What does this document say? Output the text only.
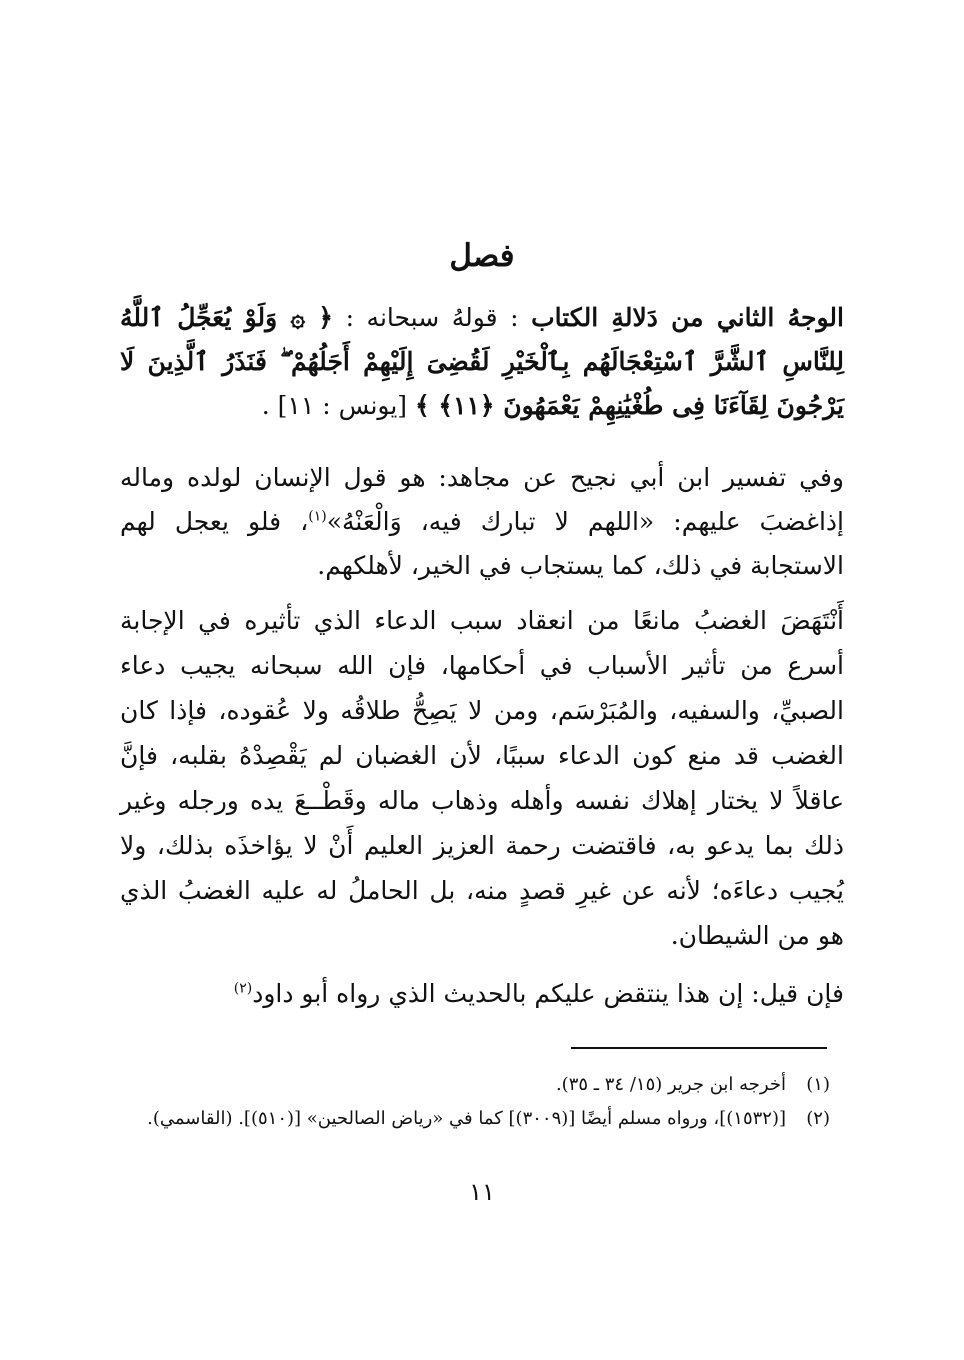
فصل
الوجهُ الثاني من دَلالةِ الكتاب : قولهُ سبحانه : ﴿ ۞ وَلَوْ يُعَجِّلُ ٱللَّهُ لِلنَّاسِ ٱلشَّرَّ ٱسْتِعْجَالَهُم بِٱلْخَيْرِ لَقُضِىَ إِلَيْهِمْ أَجَلُهُمْ ۖ فَنَذَرُ ٱلَّذِينَ لَا يَرْجُونَ لِقَآءَنَا فِى طُغْيَٰنِهِمْ يَعْمَهُونَ ﴿١١﴾ ﴾ [يونس : ١١] .
وفي تفسير ابن أبي نجيح عن مجاهد: هو قول الإنسان لولده وماله إذاغضبَ عليهم: «اللهم لا تبارك فيه، وَالْعَنْهُ»$^{(١)}$، فلو يعجل لهم الاستجابة في ذلك، كما يستجاب في الخير، لأهلكهم.
أَنْتَهَضَ الغضبُ مانعًا من انعقاد سبب الدعاء الذي تأثيره في الإجابة أسرع من تأثير الأسباب في أحكامها، فإن الله سبحانه يجيب دعاء الصبيِّ، والسفيه، والمُبَرْسَم، ومن لا يَصِحُّ طلاقُه ولا عُقوده، فإذا كان الغضب قد منع كون الدعاء سببًا، لأن الغضبان لم يَقْصِدْهُ بقلبه، فإنَّ عاقلاً لا يختار إهلاك نفسه وأهله وذهاب ماله وقَطْــعَ يده ورجله وغير ذلك بما يدعو به، فاقتضت رحمة العزيز العليم أَنْ لا يؤاخذَه بذلك، ولا يُجيب دعاءَه؛ لأنه عن غيرِ قصدٍ منه، بل الحاملُ له عليه الغضبُ الذي هو من الشيطان.
فإن قيل: إن هذا ينتقض عليكم بالحديث الذي رواه أبو داود$^{(٢)}$
(١)
أخرجه ابن جرير (١٥/ ٣٤ ـ ٣٥).
(٢)
[(١٥٣٢)]، ورواه مسلم أيضًا [(٣٠٠٩)] كما في «رياض الصالحين» [(٥١٠)]. (القاسمي).
١١
